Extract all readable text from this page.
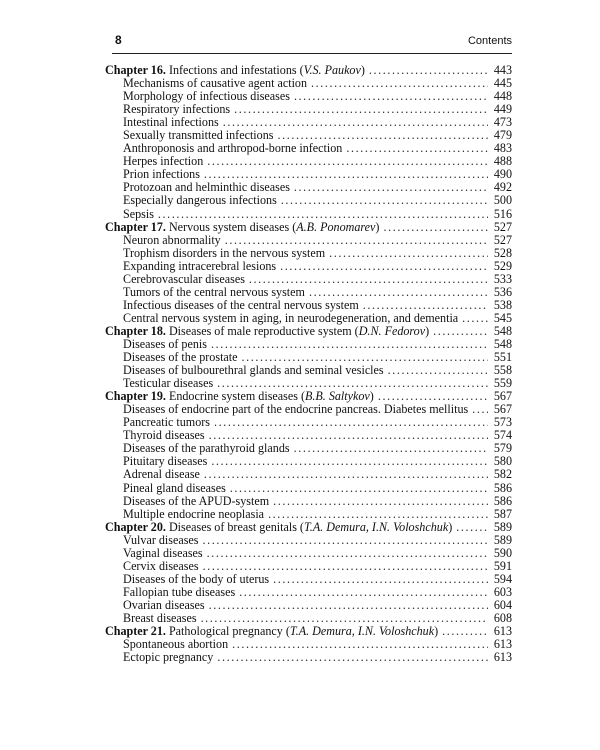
8	Contents
Chapter 16. Infections and infestations (V.S. Paukov) .....	443
Mechanisms of causative agent action .....	445
Morphology of infectious diseases .....	448
Respiratory infections .....	449
Intestinal infections .....	473
Sexually transmitted infections .....	479
Anthroponosis and arthropod-borne infection .....	483
Herpes infection .....	488
Prion infections .....	490
Protozoan and helminthic diseases .....	492
Especially dangerous infections .....	500
Sepsis .....	516
Chapter 17. Nervous system diseases (A.B. Ponomarev) .....	527
Neuron abnormality .....	527
Trophism disorders in the nervous system .....	528
Expanding intracerebral lesions .....	529
Cerebrovascular diseases .....	533
Tumors of the central nervous system .....	536
Infectious diseases of the central nervous system .....	538
Central nervous system in aging, in neurodegeneration, and dementia .....	545
Chapter 18. Diseases of male reproductive system (D.N. Fedorov) .....	548
Diseases of penis .....	548
Diseases of the prostate .....	551
Diseases of bulbourethral glands and seminal vesicles .....	558
Testicular diseases .....	559
Chapter 19. Endocrine system diseases (B.B. Saltykov) .....	567
Diseases of endocrine part of the endocrine pancreas. Diabetes mellitus ..... 567
Pancreatic tumors .....	573
Thyroid diseases .....	574
Diseases of the parathyroid glands .....	579
Pituitary diseases .....	580
Adrenal disease .....	582
Pineal gland diseases .....	586
Diseases of the APUD-system .....	586
Multiple endocrine neoplasia .....	587
Chapter 20. Diseases of breast genitals (T.A. Demura, I.N. Voloshchuk) .....	589
Vulvar diseases .....	589
Vaginal diseases .....	590
Cervix diseases .....	591
Diseases of the body of uterus .....	594
Fallopian tube diseases .....	603
Ovarian diseases .....	604
Breast diseases .....	608
Chapter 21. Pathological pregnancy (T.A. Demura, I.N. Voloshchuk) .....	613
Spontaneous abortion .....	613
Ectopic pregnancy .....	613
